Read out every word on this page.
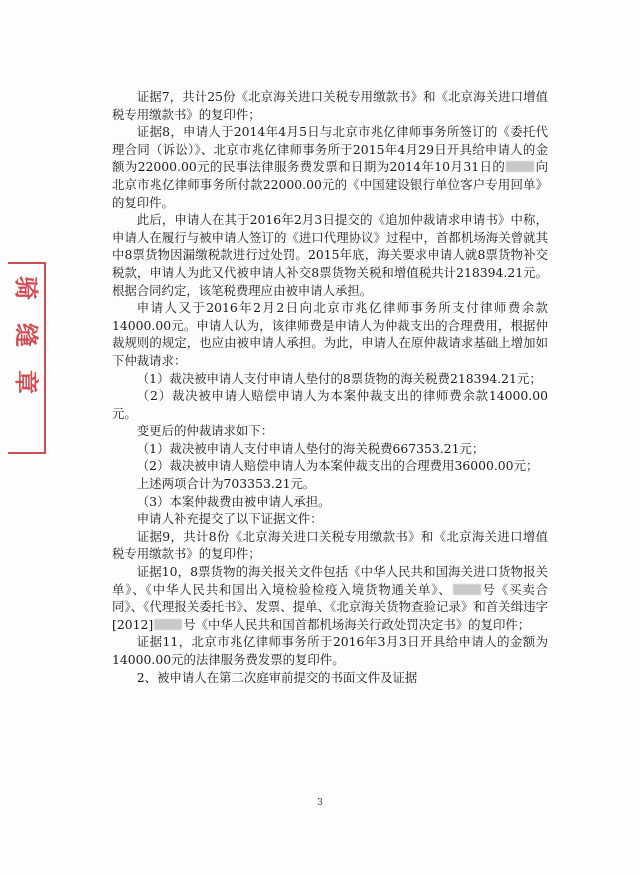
骑
缝
章

证据7，共计25份《北京海关进口关税专用缴款书》和《北京海关进口增值税专用缴款书》的复印件；

证据8，申请人于2014年4月5日与北京市兆亿律师事务所签订的《委托代理合同（诉讼）》、北京市兆亿律师事务所于2015年4月29日开具给申请人的金额为22000.00元的民事法律服务费发票和日期为2014年10月31日的 向北京市兆亿律师事务所付款22000.00元的《中国建设银行单位客户专用回单》的复印件。

此后，申请人在其于2016年2月3日提交的《追加仲裁请求申请书》中称，申请人在履行与被申请人签订的《进口代理协议》过程中，首都机场海关曾就其中8票货物因漏缴税款进行过处罚。2015年底，海关要求申请人就8票货物补交税款，申请人为此又代被申请人补交8票货物关税和增值税共计218394.21元。根据合同约定，该笔税费理应由被申请人承担。

申请人又于2016年2月2日向北京市兆亿律师事务所支付律师费余款14000.00元。申请人认为，该律师费是申请人为仲裁支出的合理费用，根据仲裁规则的规定，也应由被申请人承担。为此，申请人在原仲裁请求基础上增加如下仲裁请求：

（1）裁决被申请人支付申请人垫付的8票货物的海关税费218394.21元；

（2）裁决被申请人赔偿申请人为本案仲裁支出的律师费余款14000.00元。

变更后的仲裁请求如下：

（1）裁决被申请人支付申请人垫付的海关税费667353.21元；

（2）裁决被申请人赔偿申请人为本案仲裁支出的合理费用36000.00元；

上述两项合计为703353.21元。

（3）本案仲裁费由被申请人承担。

申请人补充提交了以下证据文件：

证据9，共计8份《北京海关进口关税专用缴款书》和《北京海关进口增值税专用缴款书》的复印件；

证据10，8票货物的海关报关文件包括《中华人民共和国海关进口货物报关单》、《中华人民共和国出入境检验检疫入境货物通关单》、 号《买卖合同》、《代理报关委托书》、发票、提单、《北京海关货物查验记录》和首关缉违字[2012] 号《中华人民共和国首都机场海关行政处罚决定书》的复印件；

证据11，北京市兆亿律师事务所于2016年3月3日开具给申请人的金额为14000.00元的法律服务费发票的复印件。

2、被申请人在第二次庭审前提交的书面文件及证据

3
